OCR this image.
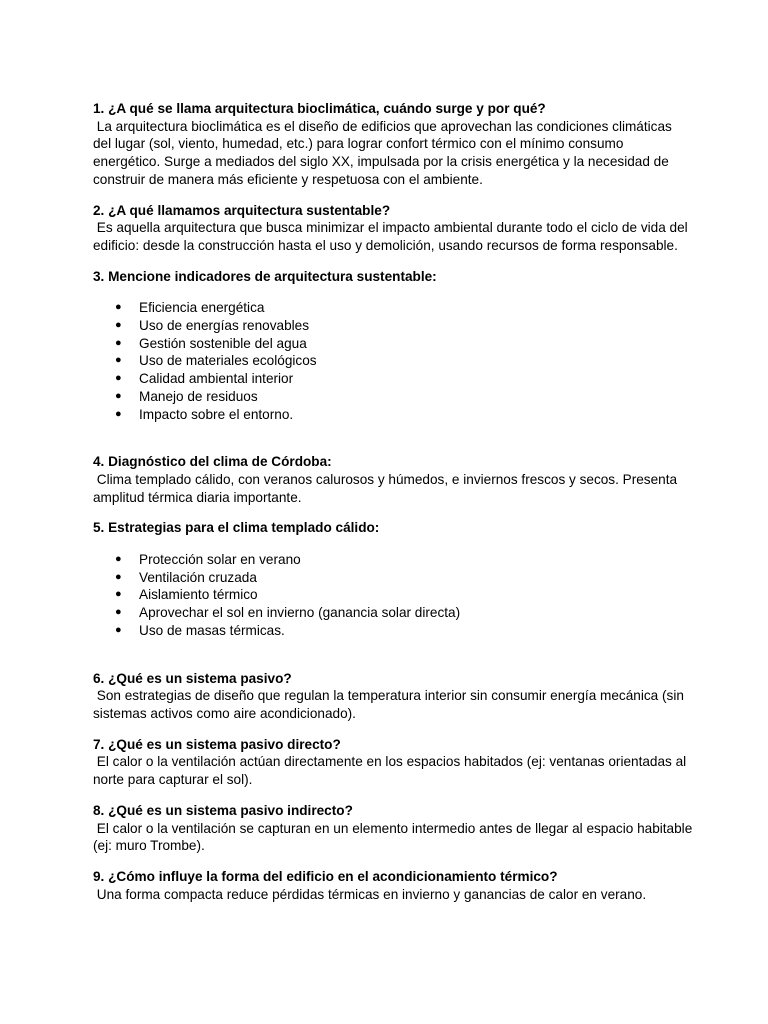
1. ¿A qué se llama arquitectura bioclimática, cuándo surge y por qué?
La arquitectura bioclimática es el diseño de edificios que aprovechan las condiciones climáticas del lugar (sol, viento, humedad, etc.) para lograr confort térmico con el mínimo consumo energético. Surge a mediados del siglo XX, impulsada por la crisis energética y la necesidad de construir de manera más eficiente y respetuosa con el ambiente.
2. ¿A qué llamamos arquitectura sustentable?
Es aquella arquitectura que busca minimizar el impacto ambiental durante todo el ciclo de vida del edificio: desde la construcción hasta el uso y demolición, usando recursos de forma responsable.
3. Mencione indicadores de arquitectura sustentable:
● Eficiencia energética
● Uso de energías renovables
● Gestión sostenible del agua
● Uso de materiales ecológicos
● Calidad ambiental interior
● Manejo de residuos
● Impacto sobre el entorno.
4. Diagnóstico del clima de Córdoba:
Clima templado cálido, con veranos calurosos y húmedos, e inviernos frescos y secos. Presenta amplitud térmica diaria importante.
5. Estrategias para el clima templado cálido:
● Protección solar en verano
● Ventilación cruzada
● Aislamiento térmico
● Aprovechar el sol en invierno (ganancia solar directa)
● Uso de masas térmicas.
6. ¿Qué es un sistema pasivo?
Son estrategias de diseño que regulan la temperatura interior sin consumir energía mecánica (sin sistemas activos como aire acondicionado).
7. ¿Qué es un sistema pasivo directo?
El calor o la ventilación actúan directamente en los espacios habitados (ej: ventanas orientadas al norte para capturar el sol).
8. ¿Qué es un sistema pasivo indirecto?
El calor o la ventilación se capturan en un elemento intermedio antes de llegar al espacio habitable (ej: muro Trombe).
9. ¿Cómo influye la forma del edificio en el acondicionamiento térmico?
Una forma compacta reduce pérdidas térmicas en invierno y ganancias de calor en verano.
